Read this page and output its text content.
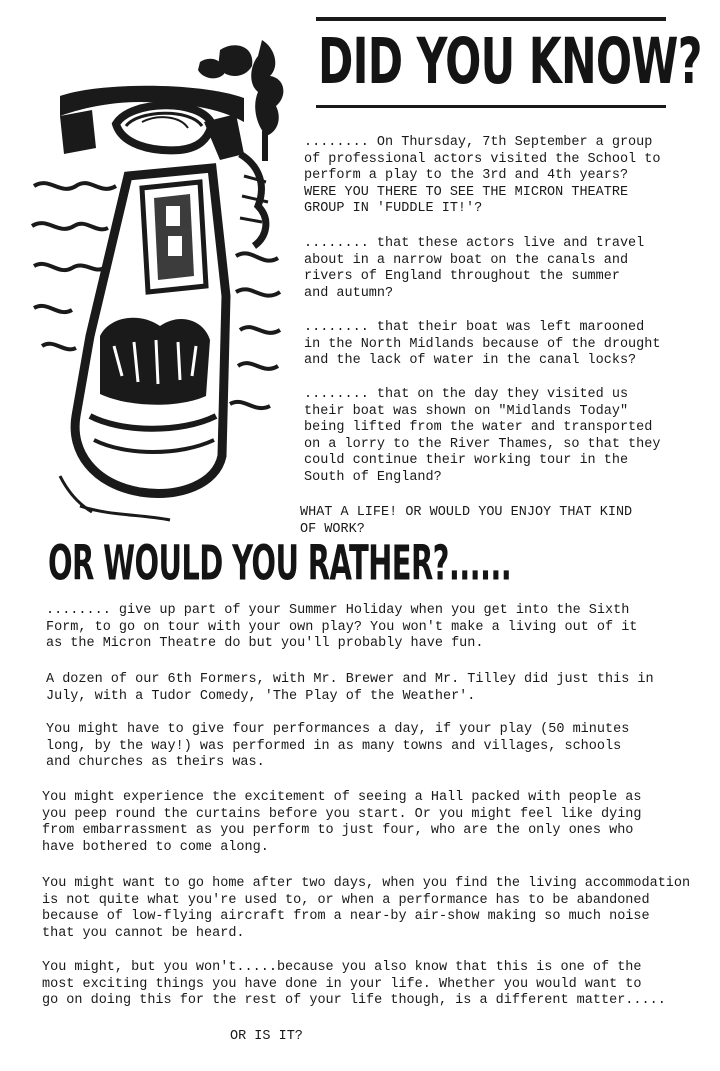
DID YOU KNOW?

........ On Thursday, 7th September a group
of professional actors visited the School to
perform a play to the 3rd and 4th years?
WERE YOU THERE TO SEE THE MICRON THEATRE
GROUP IN 'FUDDLE IT!'?

........ that these actors live and travel
about in a narrow boat on the canals and
rivers of England throughout the summer
and autumn?

........ that their boat was left marooned
in the North Midlands because of the drought
and the lack of water in the canal locks?

........ that on the day they visited us
their boat was shown on "Midlands Today"
being lifted from the water and transported
on a lorry to the River Thames, so that they
could continue their working tour in the
South of England?

WHAT A LIFE! OR WOULD YOU ENJOY THAT KIND
OF WORK?

OR WOULD YOU RATHER?......

........ give up part of your Summer Holiday when you get into the Sixth
Form, to go on tour with your own play? You won't make a living out of it
as the Micron Theatre do but you'll probably have fun.

A dozen of our 6th Formers, with Mr. Brewer and Mr. Tilley did just this in
July, with a Tudor Comedy, 'The Play of the Weather'.

You might have to give four performances a day, if your play (50 minutes
long, by the way!) was performed in as many towns and villages, schools
and churches as theirs was.

You might experience the excitement of seeing a Hall packed with people as
you peep round the curtains before you start. Or you might feel like dying
from embarrassment as you perform to just four, who are the only ones who
have bothered to come along.

You might want to go home after two days, when you find the living accommodation
is not quite what you're used to, or when a performance has to be abandoned
because of low-flying aircraft from a near-by air-show making so much noise
that you cannot be heard.

You might, but you won't.....because you also know that this is one of the
most exciting things you have done in your life. Whether you would want to
go on doing this for the rest of your life though, is a different matter.....

OR IS IT?
